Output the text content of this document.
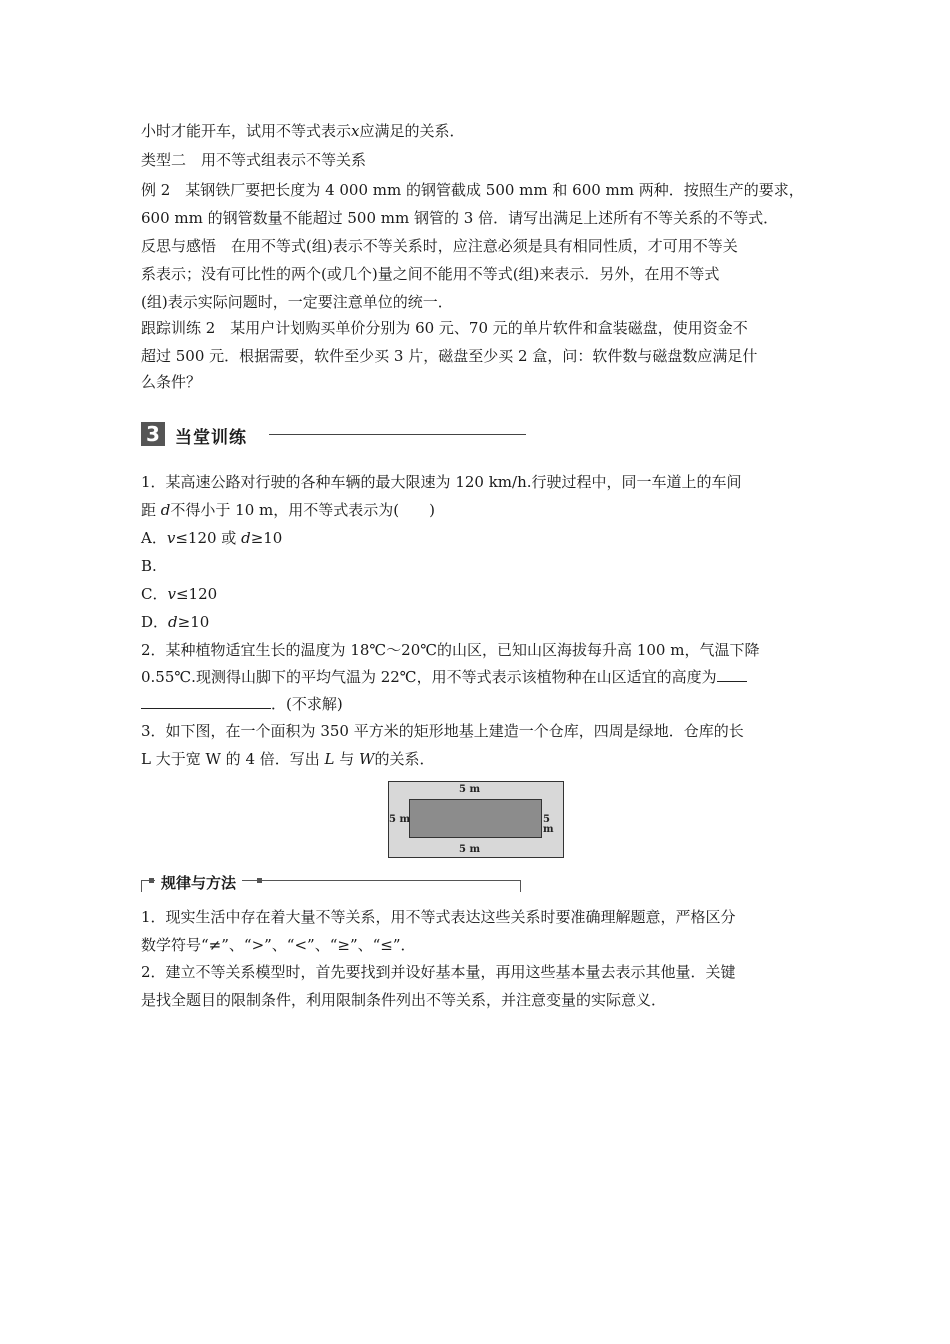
小时才能开车，试用不等式表示x应满足的关系．
类型二　用不等式组表示不等关系
例 2　某钢铁厂要把长度为 4 000 mm 的钢管截成 500 mm 和 600 mm 两种．按照生产的要求，
600 mm 的钢管数量不能超过 500 mm 钢管的 3 倍．请写出满足上述所有不等关系的不等式．
反思与感悟　在用不等式(组)表示不等关系时，应注意必须是具有相同性质，才可用不等关
系表示；没有可比性的两个(或几个)量之间不能用不等式(组)来表示．另外，在用不等式
(组)表示实际问题时，一定要注意单位的统一．
跟踪训练 2　某用户计划购买单价分别为 60 元、70 元的单片软件和盒装磁盘，使用资金不
超过 500 元．根据需要，软件至少买 3 片，磁盘至少买 2 盒，问：软件数与磁盘数应满足什
么条件？
3 当堂训练
1．某高速公路对行驶的各种车辆的最大限速为 120 km/h.行驶过程中，同一车道上的车间
距 d不得小于 10 m，用不等式表示为(　　)
A．v≤120 或 d≥10
B.
C．v≤120
D．d≥10
2．某种植物适宜生长的温度为 18℃～20℃的山区，已知山区海拔每升高 100 m，气温下降
0.55℃.现测得山脚下的平均气温为 22℃，用不等式表示该植物种在山区适宜的高度为
．(不求解)
3．如下图，在一个面积为 350 平方米的矩形地基上建造一个仓库，四周是绿地．仓库的长
L 大于宽 W 的 4 倍．写出 L 与 W的关系．
5 m
5 m
5 m	5 m
规律与方法
1．现实生活中存在着大量不等关系，用不等式表达这些关系时要准确理解题意，严格区分
数学符号“≠”、“>”、“<”、“≥”、“≤”．
2．建立不等关系模型时，首先要找到并设好基本量，再用这些基本量去表示其他量．关键
是找全题目的限制条件，利用限制条件列出不等关系，并注意变量的实际意义．
